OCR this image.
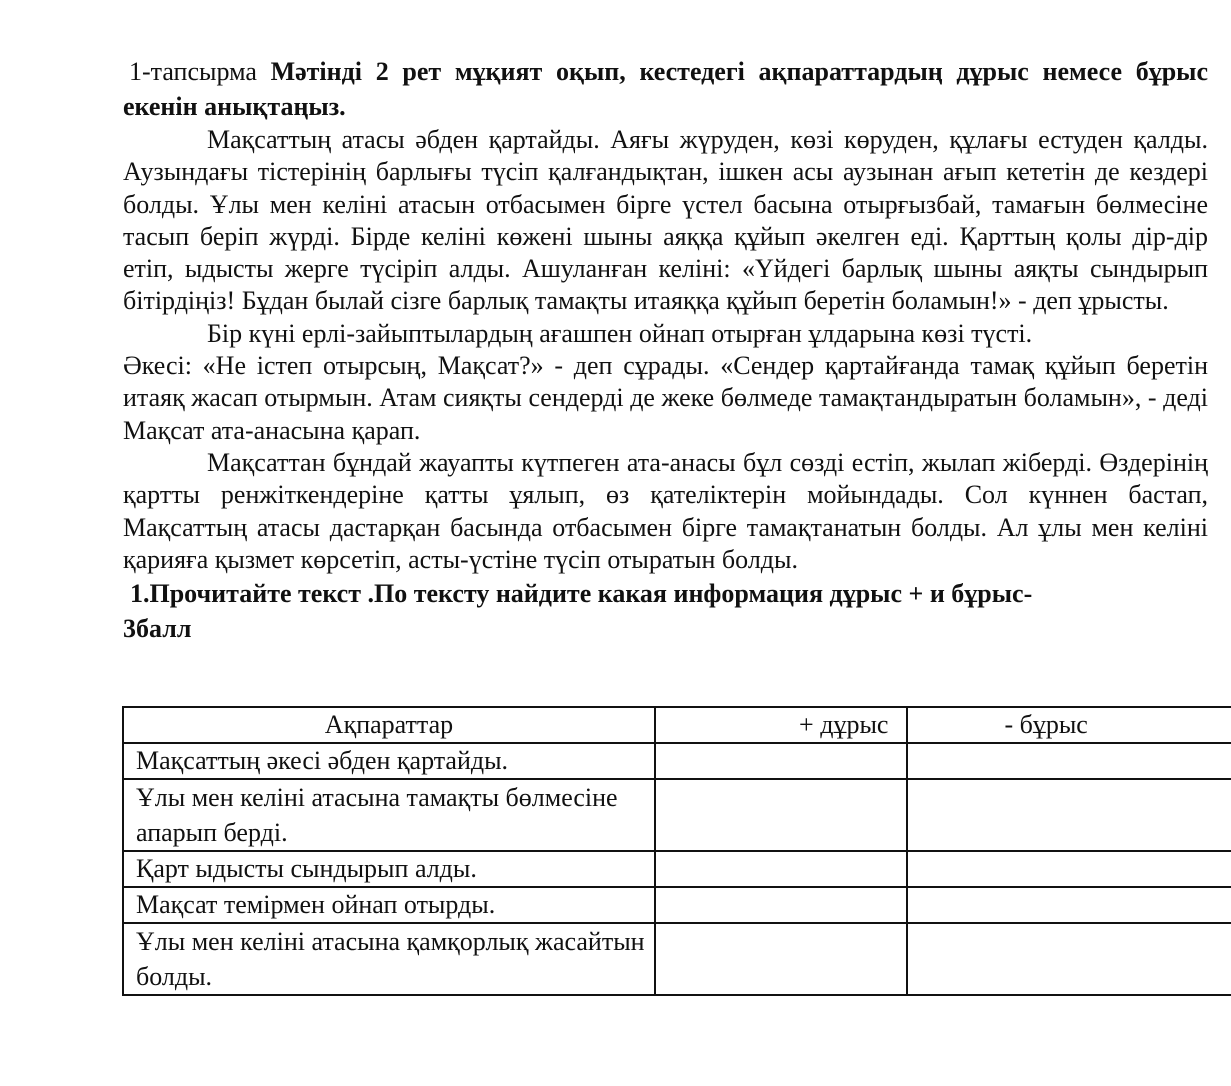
1-тапсырма Мәтінді 2 рет мұқият оқып, кестедегі ақпараттардың дұрыс немесе бұрыс екенін анықтаңыз.

Мақсаттың атасы әбден қартайды. Аяғы жүруден, көзі көруден, құлағы естуден қалды. Аузындағы тістерінің барлығы түсіп қалғандықтан, ішкен асы аузынан ағып кететін де кездері болды. Ұлы мен келіні атасын отбасымен бірге үстел басына отырғызбай, тамағын бөлмесіне тасып беріп жүрді. Бірде келіні көжені шыны аяққа құйып әкелген еді. Қарттың қолы дір-дір етіп, ыдысты жерге түсіріп алды. Ашуланған келіні: «Үйдегі барлық шыны аяқты сындырып бітірдіңіз! Бұдан былай сізге барлық тамақты итаяққа құйып беретін боламын!» - деп ұрысты.

Бір күні ерлі-зайыптылардың ағашпен ойнап отырған ұлдарына көзі түсті.

Әкесі: «Не істеп отырсың, Мақсат?» - деп сұрады. «Сендер қартайғанда тамақ құйып беретін итаяқ жасап отырмын. Атам сияқты сендерді де жеке бөлмеде тамақтандыратын боламын», - деді Мақсат ата-анасына қарап.

Мақсаттан бұндай жауапты күтпеген ата-анасы бұл сөзді естіп, жылап жіберді. Өздерінің қартты ренжіткендеріне қатты ұялып, өз қателіктерін мойындады. Сол күннен бастап, Мақсаттың атасы дастарқан басында отбасымен бірге тамақтанатын болды. Ал ұлы мен келіні қарияға қызмет көрсетіп, асты-үстіне түсіп отыратын болды.

1.Прочитайте текст .По тексту найдите какая информация дұрыс + и бұрыс-
3балл

Ақпараттар	+ дұрыс	- бұрыс
Мақсаттың әкесі әбден қартайды.		
Ұлы мен келіні атасына тамақты бөлмесіне апарып берді.		
Қарт ыдысты сындырып алды.		
Мақсат темірмен ойнап отырды.		
Ұлы мен келіні атасына қамқорлық жасайтын болды.		
